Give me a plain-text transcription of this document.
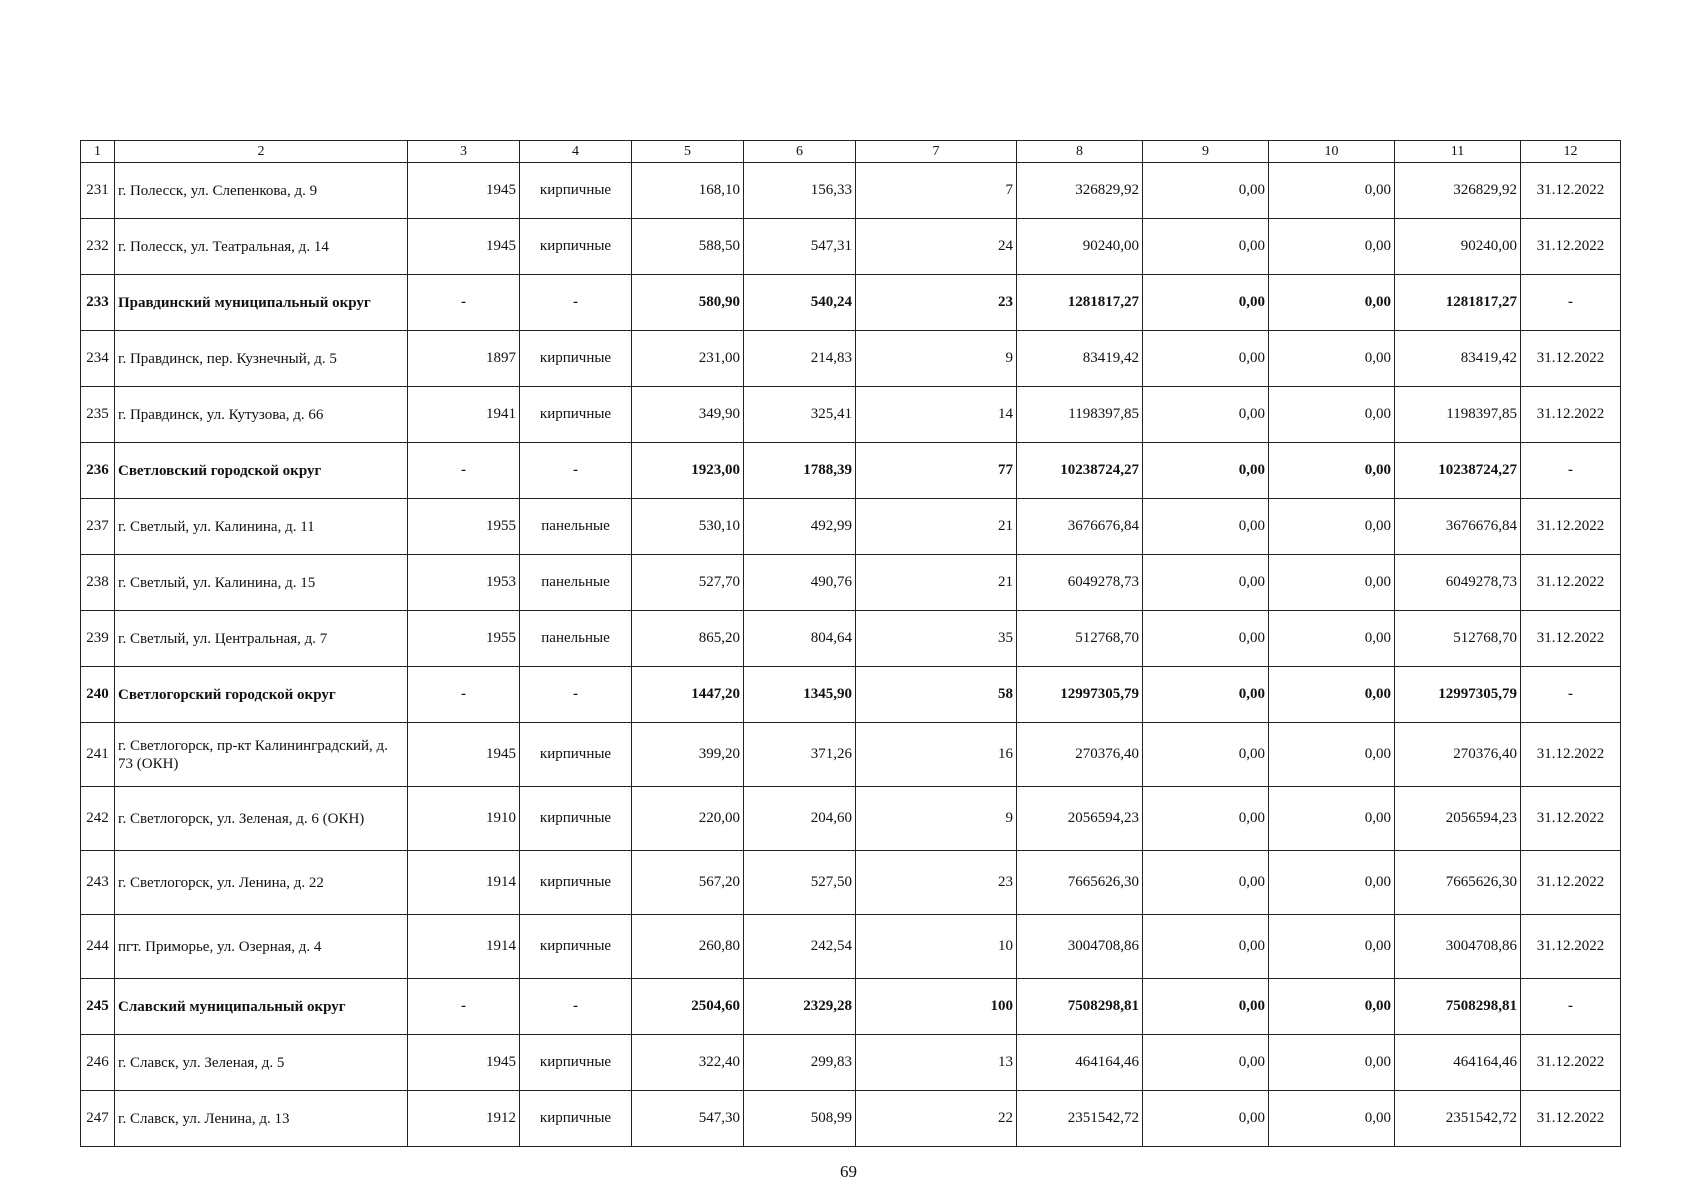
1	2	3	4	5	6	7	8	9	10	11	12
231	г. Полесск, ул. Слепенкова, д. 9	1945	кирпичные	168,10	156,33	7	326829,92	0,00	0,00	326829,92	31.12.2022
232	г. Полесск, ул. Театральная, д. 14	1945	кирпичные	588,50	547,31	24	90240,00	0,00	0,00	90240,00	31.12.2022
233	Правдинский муниципальный округ	-	-	580,90	540,24	23	1281817,27	0,00	0,00	1281817,27	-
234	г. Правдинск, пер. Кузнечный, д. 5	1897	кирпичные	231,00	214,83	9	83419,42	0,00	0,00	83419,42	31.12.2022
235	г. Правдинск, ул. Кутузова, д. 66	1941	кирпичные	349,90	325,41	14	1198397,85	0,00	0,00	1198397,85	31.12.2022
236	Светловский городской округ	-	-	1923,00	1788,39	77	10238724,27	0,00	0,00	10238724,27	-
237	г. Светлый, ул. Калинина, д. 11	1955	панельные	530,10	492,99	21	3676676,84	0,00	0,00	3676676,84	31.12.2022
238	г. Светлый, ул. Калинина, д. 15	1953	панельные	527,70	490,76	21	6049278,73	0,00	0,00	6049278,73	31.12.2022
239	г. Светлый, ул. Центральная, д. 7	1955	панельные	865,20	804,64	35	512768,70	0,00	0,00	512768,70	31.12.2022
240	Светлогорский городской округ	-	-	1447,20	1345,90	58	12997305,79	0,00	0,00	12997305,79	-
241	г. Светлогорск, пр-кт Калининградский, д. 73 (ОКН)	1945	кирпичные	399,20	371,26	16	270376,40	0,00	0,00	270376,40	31.12.2022
242	г. Светлогорск, ул. Зеленая, д. 6 (ОКН)	1910	кирпичные	220,00	204,60	9	2056594,23	0,00	0,00	2056594,23	31.12.2022
243	г. Светлогорск, ул. Ленина, д. 22	1914	кирпичные	567,20	527,50	23	7665626,30	0,00	0,00	7665626,30	31.12.2022
244	пгт. Приморье, ул. Озерная, д. 4	1914	кирпичные	260,80	242,54	10	3004708,86	0,00	0,00	3004708,86	31.12.2022
245	Славский муниципальный округ	-	-	2504,60	2329,28	100	7508298,81	0,00	0,00	7508298,81	-
246	г. Славск, ул. Зеленая, д. 5	1945	кирпичные	322,40	299,83	13	464164,46	0,00	0,00	464164,46	31.12.2022
247	г. Славск, ул. Ленина, д. 13	1912	кирпичные	547,30	508,99	22	2351542,72	0,00	0,00	2351542,72	31.12.2022
69
